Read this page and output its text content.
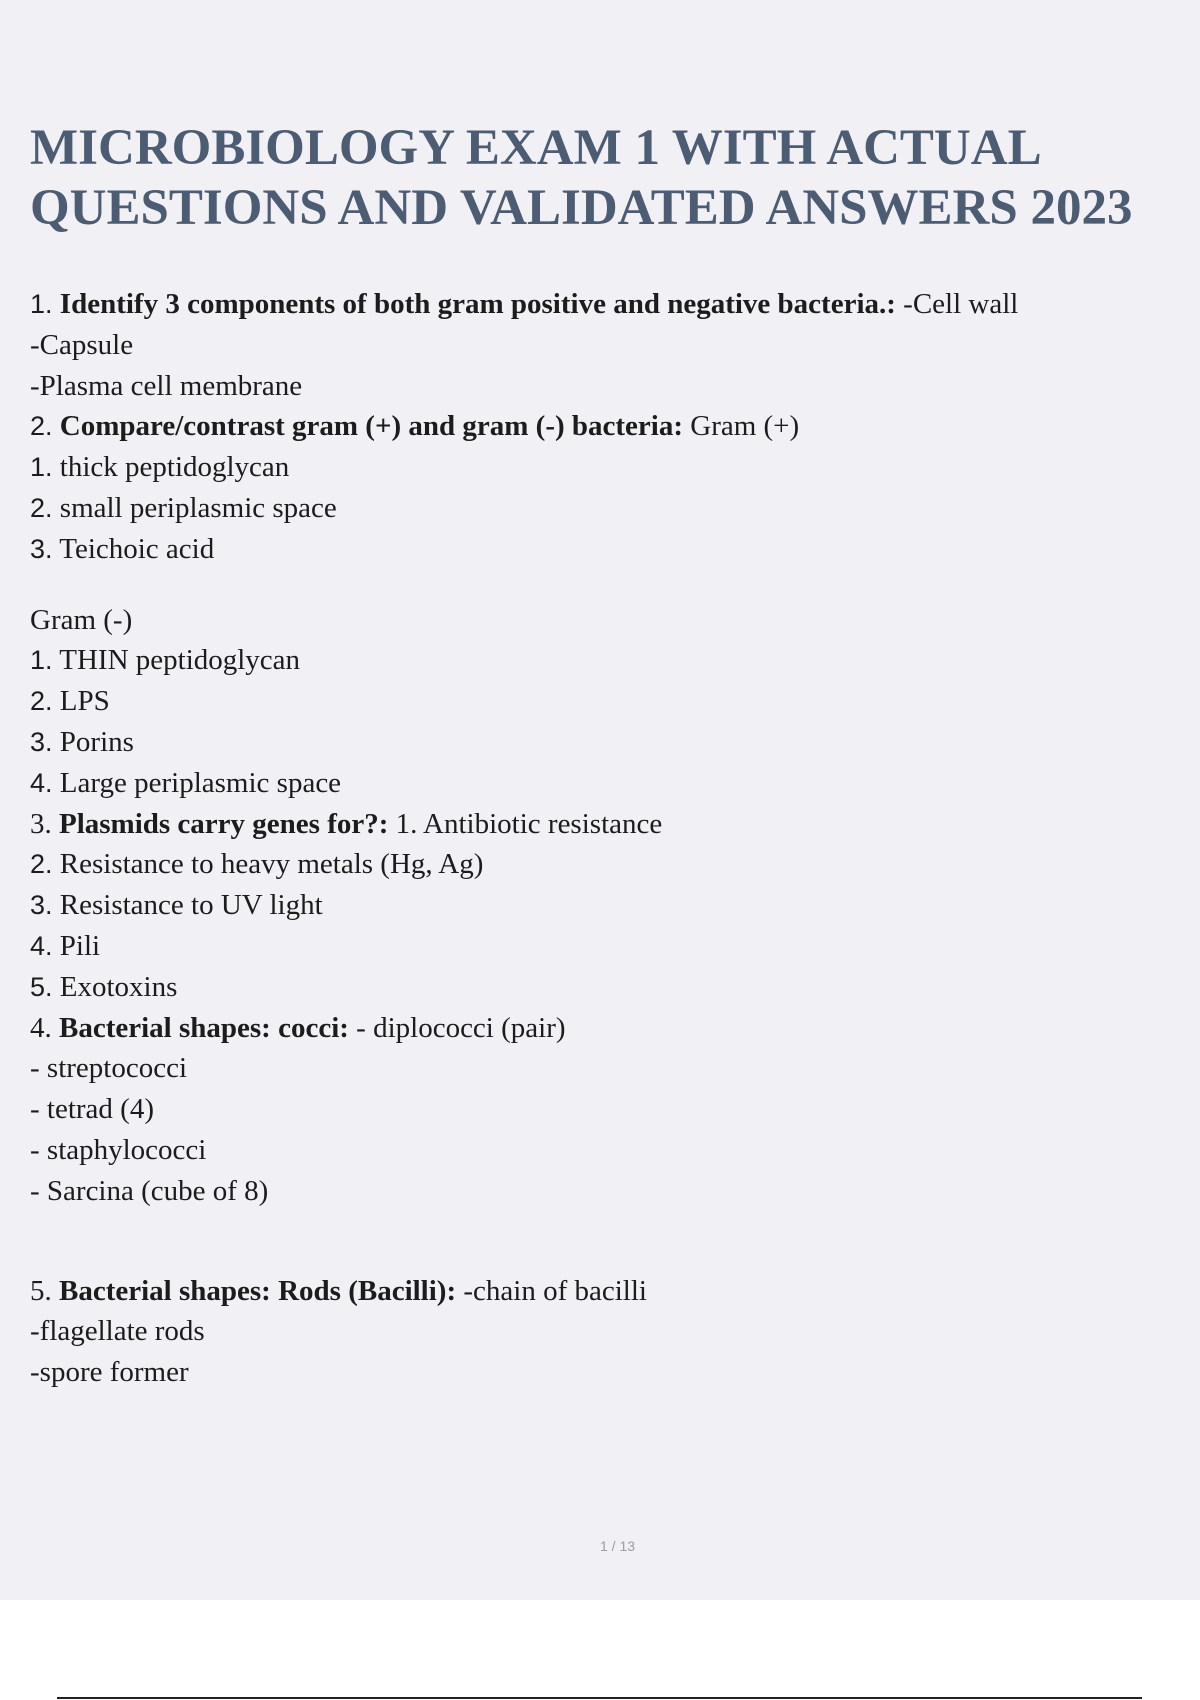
MICROBIOLOGY EXAM 1 WITH ACTUAL
QUESTIONS AND VALIDATED ANSWERS 2023
1. Identify 3 components of both gram positive and negative bacteria.: -Cell wall
-Capsule
-Plasma cell membrane
2. Compare/contrast gram (+) and gram (-) bacteria: Gram (+)
1. thick peptidoglycan
2. small periplasmic space
3. Teichoic acid
Gram (-)
1. THIN peptidoglycan
2. LPS
3. Porins
4. Large periplasmic space
3. Plasmids carry genes for?: 1. Antibiotic resistance
2. Resistance to heavy metals (Hg, Ag)
3. Resistance to UV light
4. Pili
5. Exotoxins
4. Bacterial shapes: cocci: - diplococci (pair)
- streptococci
- tetrad (4)
- staphylococci
- Sarcina (cube of 8)
5. Bacterial shapes: Rods (Bacilli): -chain of bacilli
-flagellate rods
-spore former
1 / 13
